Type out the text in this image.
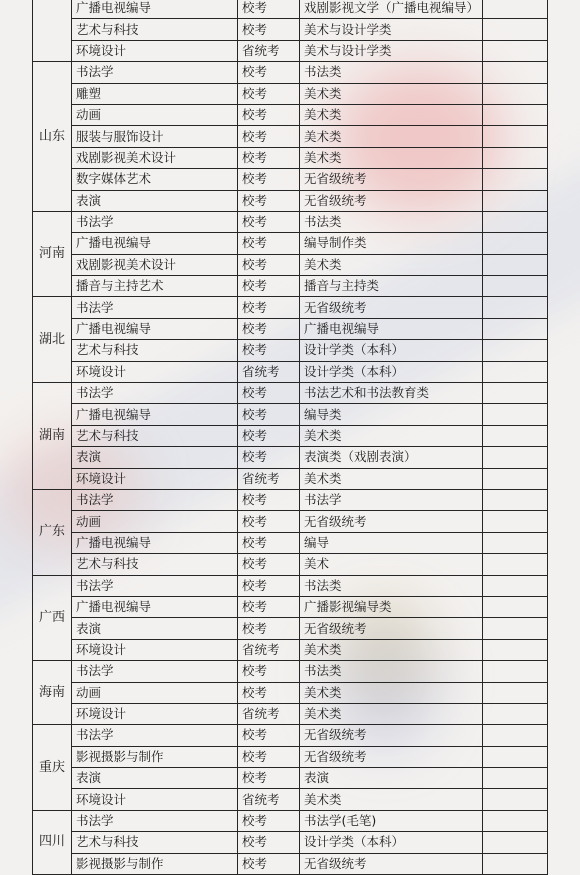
	广播电视编导	校考	戏剧影视文学（广播电视编导）	
	艺术与科技	校考	美术与设计学类	
	环境设计	省统考	美术与设计学类	
山东	书法学	校考	书法类	
	雕塑	校考	美术类	
	动画	校考	美术类	
	服装与服饰设计	校考	美术类	
	戏剧影视美术设计	校考	美术类	
	数字媒体艺术	校考	无省级统考	
	表演	校考	无省级统考	
河南	书法学	校考	书法类	
	广播电视编导	校考	编导制作类	
	戏剧影视美术设计	校考	美术类	
	播音与主持艺术	校考	播音与主持类	
湖北	书法学	校考	无省级统考	
	广播电视编导	校考	广播电视编导	
	艺术与科技	校考	设计学类（本科）	
	环境设计	省统考	设计学类（本科）	
湖南	书法学	校考	书法艺术和书法教育类	
	广播电视编导	校考	编导类	
	艺术与科技	校考	美术类	
	表演	校考	表演类（戏剧表演）	
	环境设计	省统考	美术类	
广东	书法学	校考	书法学	
	动画	校考	无省级统考	
	广播电视编导	校考	编导	
	艺术与科技	校考	美术	
广西	书法学	校考	书法类	
	广播电视编导	校考	广播影视编导类	
	表演	校考	无省级统考	
	环境设计	省统考	美术类	
海南	书法学	校考	书法类	
	动画	校考	美术类	
	环境设计	省统考	美术类	
重庆	书法学	校考	无省级统考	
	影视摄影与制作	校考	无省级统考	
	表演	校考	表演	
	环境设计	省统考	美术类	
四川	书法学	校考	书法学(毛笔)	
	艺术与科技	校考	设计学类（本科）	
	影视摄影与制作	校考	无省级统考	
